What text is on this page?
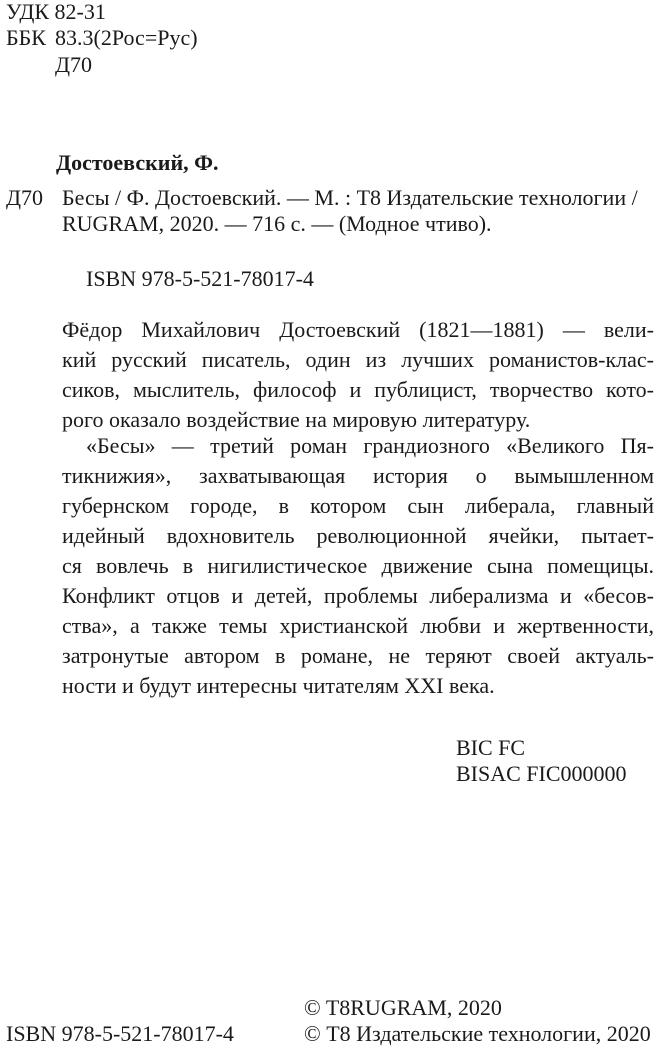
УДК 82-31
ББК 83.3(2Рос=Рус)
Д70
Достоевский, Ф.
Д70 Бесы / Ф. Достоевский. — М. : Т8 Издательские технологии /
RUGRAM, 2020. — 716 с. — (Модное чтиво).
ISBN 978-5-521-78017-4
Фёдор Михайлович Достоевский (1821—1881) — вели-
кий русский писатель, один из лучших романистов-клас-
сиков, мыслитель, философ и публицист, творчество кото-
рого оказало воздействие на мировую литературу.
«Бесы» — третий роман грандиозного «Великого Пя-
тикнижия», захватывающая история о вымышленном
губернском городе, в котором сын либерала, главный
идейный вдохновитель революционной ячейки, пытает-
ся вовлечь в нигилистическое движение сына помещицы.
Конфликт отцов и детей, проблемы либерализма и «бесов-
ства», а также темы христианской любви и жертвенности,
затронутые автором в романе, не теряют своей актуаль-
ности и будут интересны читателям XXI века.
BIC FC
BISAC FIC000000
© T8RUGRAM, 2020
ISBN 978-5-521-78017-4	© Т8 Издательские технологии, 2020
